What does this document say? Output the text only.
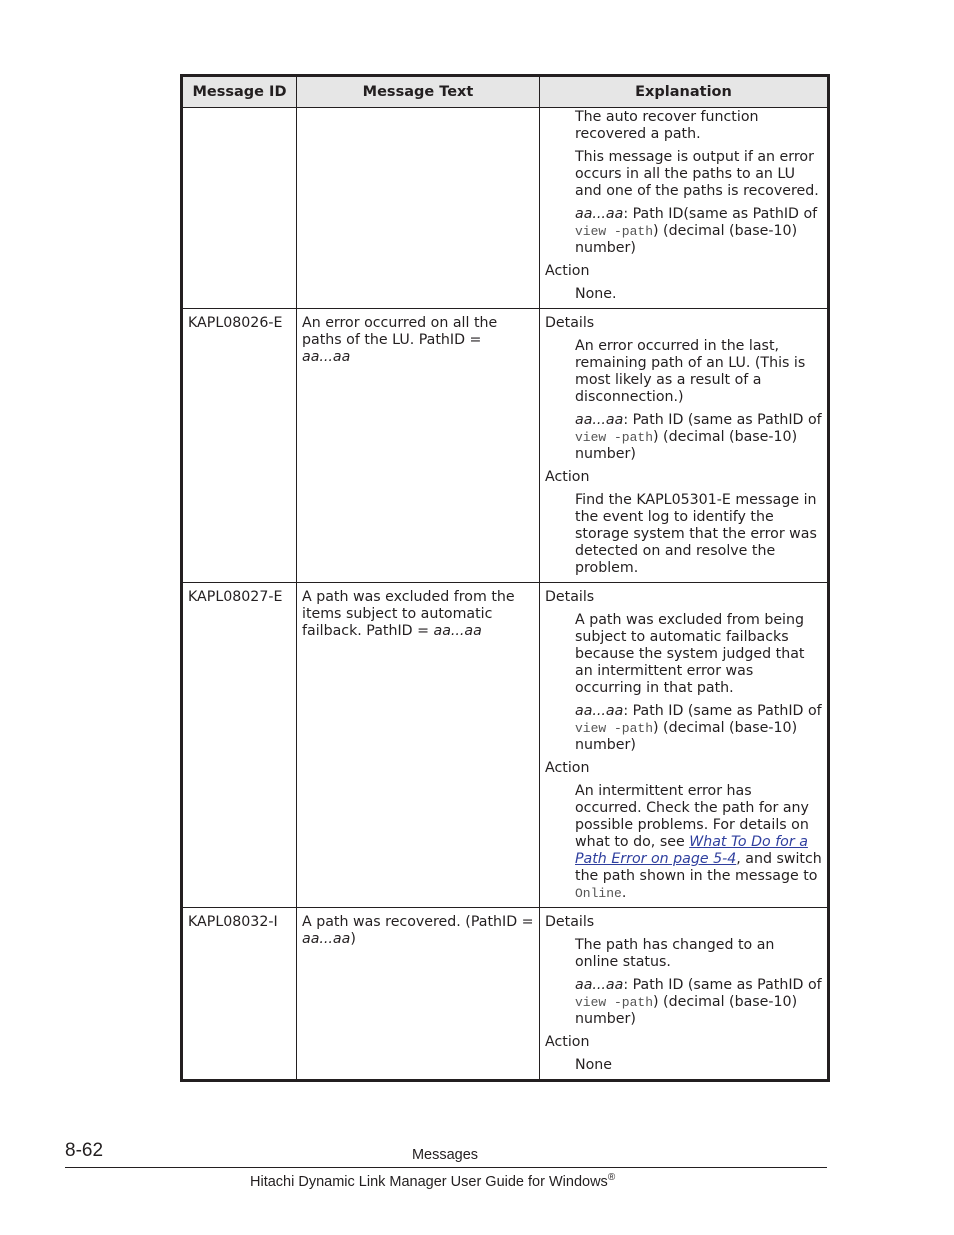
Message ID	Message Text	Explanation

		The auto recover function recovered a path.
This message is output if an error occurs in all the paths to an LU and one of the paths is recovered.
aa...aa: Path ID(same as PathID of view -path) (decimal (base-10) number)
Action
None.

KAPL08026-E	An error occurred on all the paths of the LU. PathID = aa...aa	Details
An error occurred in the last, remaining path of an LU. (This is most likely as a result of a disconnection.)
aa...aa: Path ID (same as PathID of view -path) (decimal (base-10) number)
Action
Find the KAPL05301-E message in the event log to identify the storage system that the error was detected on and resolve the problem.

KAPL08027-E	A path was excluded from the items subject to automatic failback. PathID = aa...aa	Details
A path was excluded from being subject to automatic failbacks because the system judged that an intermittent error was occurring in that path.
aa...aa: Path ID (same as PathID of view -path) (decimal (base-10) number)
Action
An intermittent error has occurred. Check the path for any possible problems. For details on what to do, see What To Do for a Path Error on page 5-4, and switch the path shown in the message to Online.

KAPL08032-I	A path was recovered. (PathID = aa...aa)	Details
The path has changed to an online status.
aa...aa: Path ID (same as PathID of view -path) (decimal (base-10) number)
Action
None
8-62	Messages
Hitachi Dynamic Link Manager User Guide for Windows®
